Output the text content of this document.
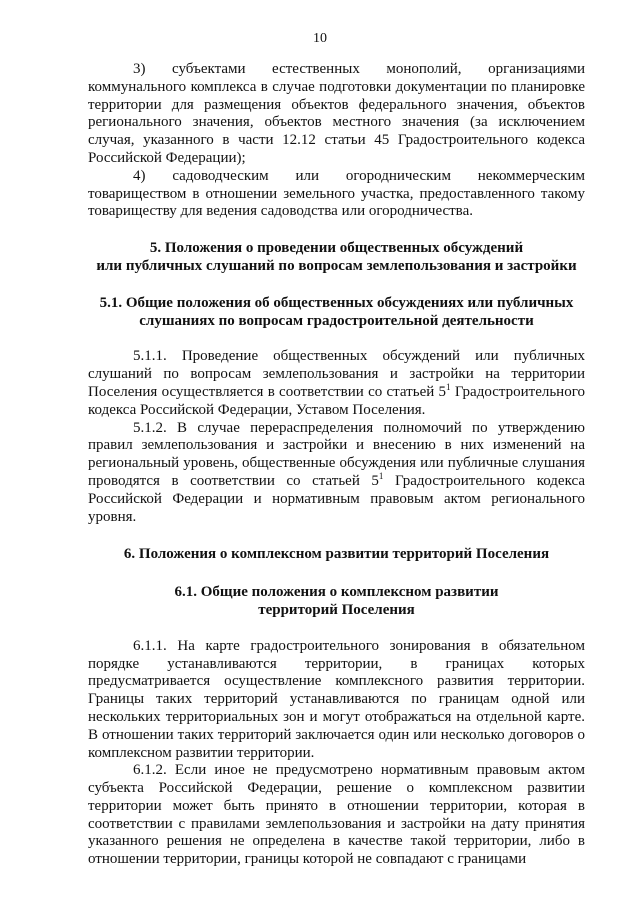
10

3) субъектами естественных монополий, организациями коммунального комплекса в случае подготовки документации по планировке территории для размещения объектов федерального значения, объектов регионального значения, объектов местного значения (за исключением случая, указанного в части 12.12 статьи 45 Градостроительного кодекса Российской Федерации);

4) садоводческим или огородническим некоммерческим товариществом в отношении земельного участка, предоставленного такому товариществу для ведения садоводства или огородничества.

5. Положения о проведении общественных обсуждений
или публичных слушаний по вопросам землепользования и застройки

5.1. Общие положения об общественных обсуждениях или публичных
слушаниях по вопросам градостроительной деятельности

5.1.1. Проведение общественных обсуждений или публичных слушаний по вопросам землепользования и застройки на территории Поселения осуществляется в соответствии со статьей $5^1$ Градостроительного кодекса Российской Федерации, Уставом Поселения.

5.1.2. В случае перераспределения полномочий по утверждению правил землепользования и застройки и внесению в них изменений на региональный уровень, общественные обсуждения или публичные слушания проводятся в соответствии со статьей $5^1$ Градостроительного кодекса Российской Федерации и нормативным правовым актом регионального уровня.

6. Положения о комплексном развитии территорий Поселения

6.1. Общие положения о комплексном развитии
территорий Поселения

6.1.1. На карте градостроительного зонирования в обязательном порядке устанавливаются территории, в границах которых предусматривается осуществление комплексного развития территории. Границы таких территорий устанавливаются по границам одной или нескольких территориальных зон и могут отображаться на отдельной карте. В отношении таких территорий заключается один или несколько договоров о комплексном развитии территории.

6.1.2. Если иное не предусмотрено нормативным правовым актом субъекта Российской Федерации, решение о комплексном развитии территории может быть принято в отношении территории, которая в соответствии с правилами землепользования и застройки на дату принятия указанного решения не определена в качестве такой территории, либо в отношении территории, границы которой не совпадают с границами
